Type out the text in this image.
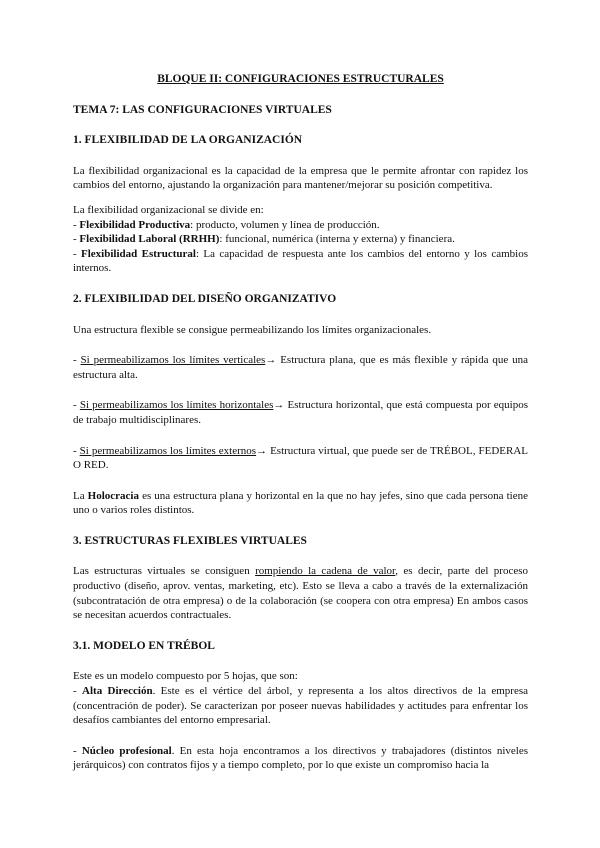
BLOQUE II: CONFIGURACIONES ESTRUCTURALES
TEMA 7: LAS CONFIGURACIONES VIRTUALES
1. FLEXIBILIDAD DE LA ORGANIZACIÓN

La flexibilidad organizacional es la capacidad de la empresa que le permite afrontar con rapidez los cambios del entorno, ajustando la organización para mantener/mejorar su posición competitiva.

La flexibilidad organizacional se divide en:

- Flexibilidad Productiva: producto, volumen y línea de producción.

- Flexibilidad Laboral (RRHH): funcional, numérica (interna y externa) y financiera.

- Flexibilidad Estructural: La capacidad de respuesta ante los cambios del entorno y los cambios internos.

2. FLEXIBILIDAD DEL DISEÑO ORGANIZATIVO

Una estructura flexible se consigue permeabilizando los límites organizacionales.

- Si permeabilizamos los límites verticales→ Estructura plana, que es más flexible y rápida que una estructura alta.

- Si permeabilizamos los límites horizontales→ Estructura horizontal, que está compuesta por equipos de trabajo multidisciplinares.

- Si permeabilizamos los límites externos→ Estructura virtual, que puede ser de TRÉBOL, FEDERAL O RED.

La Holocracia es una estructura plana y horizontal en la que no hay jefes, sino que cada persona tiene uno o varios roles distintos.

3. ESTRUCTURAS FLEXIBLES VIRTUALES

Las estructuras virtuales se consiguen rompiendo la cadena de valor, es decir, parte del proceso productivo (diseño, aprov. ventas, marketing, etc). Esto se lleva a cabo a través de la externalización (subcontratación de otra empresa) o de la colaboración (se coopera con otra empresa) En ambos casos se necesitan acuerdos contractuales.

3.1. MODELO EN TRÉBOL

Este es un modelo compuesto por 5 hojas, que son:

- Alta Dirección. Este es el vértice del árbol, y representa a los altos directivos de la empresa (concentración de poder). Se caracterizan por poseer nuevas habilidades y actitudes para enfrentar los desafíos cambiantes del entorno empresarial.

- Núcleo profesional. En esta hoja encontramos a los directivos y trabajadores (distintos niveles jerárquicos) con contratos fijos y a tiempo completo, por lo que existe un compromiso hacia la
